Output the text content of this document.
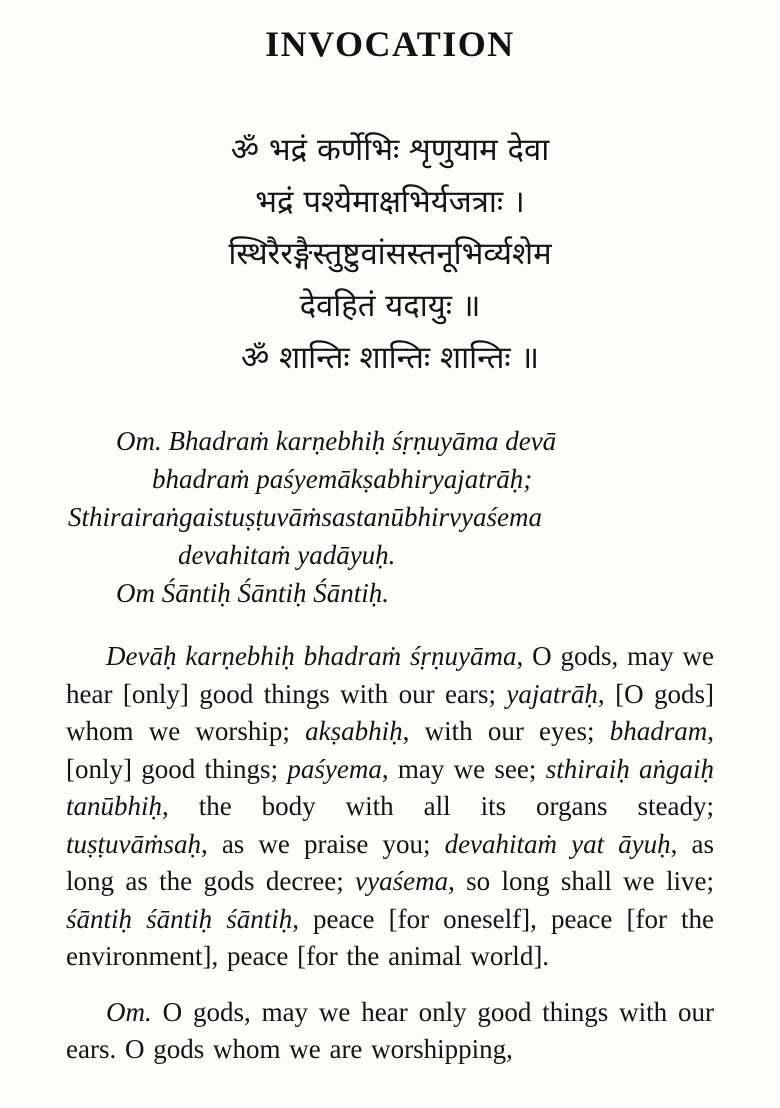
INVOCATION
ॐ भद्रं कर्णेभिः शृणुयाम देवा
भद्रं पश्येमाक्षभिर्यजत्राः ।
स्थिरैरङ्गैस्तुष्टुवांसस्तनूभिर्व्यशेम
देवहितं यदायुः ॥
ॐ शान्तिः शान्तिः शान्तिः ॥
Om. Bhadraṁ karṇebhiḥ śṛṇuyāma devā
bhadraṁ paśyemākṣabhiryajatrāḥ;
Sthirairaṅgaistuṣṭuvāṁsastanūbhirvyaśema
devahitaṁ yadāyuḥ.
Om Śāntiḥ Śāntiḥ Śāntiḥ.

Devāḥ karṇebhiḥ bhadraṁ śṛṇuyāma, O gods, may we hear [only] good things with our ears; yajatrāḥ, [O gods] whom we worship; akṣabhiḥ, with our eyes; bhadram, [only] good things; paśyema, may we see; sthiraiḥ aṅgaiḥ tanūbhiḥ, the body with all its organs steady; tuṣṭuvāṁsaḥ, as we praise you; devahitaṁ yat āyuḥ, as long as the gods decree; vyaśema, so long shall we live; śāntiḥ śāntiḥ śāntiḥ, peace [for oneself], peace [for the environment], peace [for the animal world].

Om. O gods, may we hear only good things with our ears. O gods whom we are worshipping,
